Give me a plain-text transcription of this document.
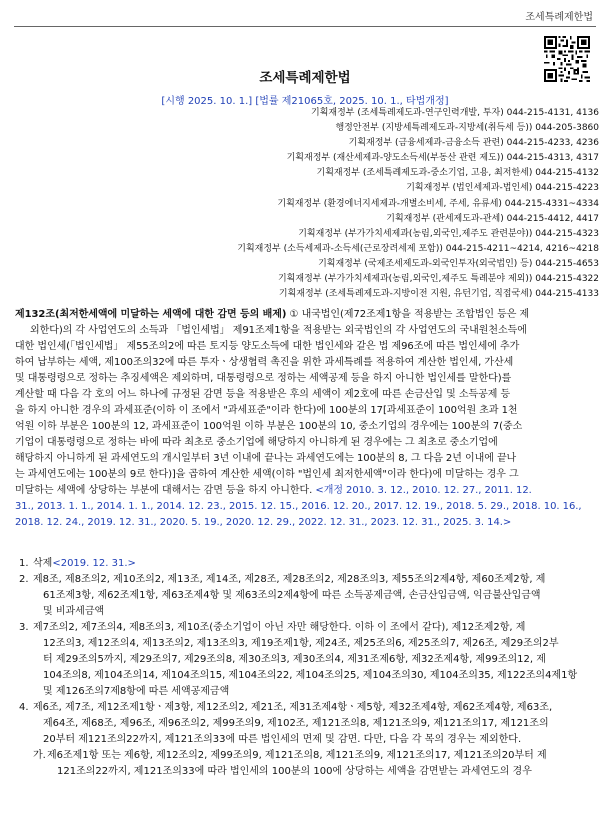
조세특례제한법
조세특례제한법
[시행 2025. 10. 1.] [법률 제21065호, 2025. 10. 1., 타법개정]
기획재정부 (조세특례제도과-연구인력개발, 투자) 044-215-4131, 4136
행정안전부 (지방세특례제도과-지방세(취득세 등)) 044-205-3860
기획재정부 (금융세제과-금융소득 관련) 044-215-4233, 4236
기획재정부 (재산세제과-양도소득세(부동산 관련 제도)) 044-215-4313, 4317
기획재정부 (조세특례제도과-중소기업, 고용, 최저한세) 044-215-4132
기획재정부 (법인세제과-법인세) 044-215-4223
기획재정부 (환경에너지세제과-개별소비세, 주세, 유류세) 044-215-4331~4334
기획재정부 (관세제도과-관세) 044-215-4412, 4417
기획재정부 (부가가치세제과(농림,외국인,제주도 관련분야)) 044-215-4323
기획재정부 (소득세제과-소득세(근로장려세제 포함)) 044-215-4211~4214, 4216~4218
기획재정부 (국제조세제도과-외국인투자(외국법인) 등) 044-215-4653
기획재정부 (부가가치세제과(농림,외국인,제주도 특례분야 제외)) 044-215-4322
기획재정부 (조세특례제도과-지방이전 지원, 유턴기업, 직접국세) 044-215-4133
제132조(최저한세액에 미달하는 세액에 대한 감면 등의 배제) ① 내국법인(제72조제1항을 적용받는 조합법인 등은 제
외한다)의 각 사업연도의 소득과 「법인세법」 제91조제1항을 적용받는 외국법인의 각 사업연도의 국내원천소득에
대한 법인세(「법인세법」 제55조의2에 따른 토지등 양도소득에 대한 법인세와 같은 법 제96조에 따른 법인세에 추가
하여 납부하는 세액, 제100조의32에 따른 투자ㆍ상생협력 촉진을 위한 과세특례를 적용하여 계산한 법인세, 가산세
및 대통령령으로 정하는 추징세액은 제외하며, 대통령령으로 정하는 세액공제 등을 하지 아니한 법인세를 말한다)를
계산할 때 다음 각 호의 어느 하나에 규정된 감면 등을 적용받은 후의 세액이 제2호에 따른 손금산입 및 소득공제 등
을 하지 아니한 경우의 과세표준(이하 이 조에서 "과세표준"이라 한다)에 100분의 17[과세표준이 100억원 초과 1천
억원 이하 부분은 100분의 12, 과세표준이 100억원 이하 부분은 100분의 10, 중소기업의 경우에는 100분의 7(중소
기업이 대통령령으로 정하는 바에 따라 최초로 중소기업에 해당하지 아니하게 된 경우에는 그 최초로 중소기업에
해당하지 아니하게 된 과세연도의 개시일부터 3년 이내에 끝나는 과세연도에는 100분의 8, 그 다음 2년 이내에 끝나
는 과세연도에는 100분의 9로 한다)]을 곱하여 계산한 세액(이하 "법인세 최저한세액"이라 한다)에 미달하는 경우 그
미달하는 세액에 상당하는 부분에 대해서는 감면 등을 하지 아니한다. <개정 2010. 3. 12., 2010. 12. 27., 2011. 12.
31., 2013. 1. 1., 2014. 1. 1., 2014. 12. 23., 2015. 12. 15., 2016. 12. 20., 2017. 12. 19., 2018. 5. 29., 2018. 10. 16.,
2018. 12. 24., 2019. 12. 31., 2020. 5. 19., 2020. 12. 29., 2022. 12. 31., 2023. 12. 31., 2025. 3. 14.>
1. 삭제<2019. 12. 31.>
2. 제8조, 제8조의2, 제10조의2, 제13조, 제14조, 제28조, 제28조의2, 제28조의3, 제55조의2제4항, 제60조제2항, 제
61조제3항, 제62조제1항, 제63조제4항 및 제63조의2제4항에 따른 소득공제금액, 손금산입금액, 익금불산입금액
및 비과세금액
3. 제7조의2, 제7조의4, 제8조의3, 제10조(중소기업이 아닌 자만 해당한다. 이하 이 조에서 같다), 제12조제2항, 제
12조의3, 제12조의4, 제13조의2, 제13조의3, 제19조제1항, 제24조, 제25조의6, 제25조의7, 제26조, 제29조의2부
터 제29조의5까지, 제29조의7, 제29조의8, 제30조의3, 제30조의4, 제31조제6항, 제32조제4항, 제99조의12, 제
104조의8, 제104조의14, 제104조의15, 제104조의22, 제104조의25, 제104조의30, 제104조의35, 제122조의4제1항
및 제126조의7제8항에 따른 세액공제금액
4. 제6조, 제7조, 제12조제1항ㆍ제3항, 제12조의2, 제21조, 제31조제4항ㆍ제5항, 제32조제4항, 제62조제4항, 제63조,
제64조, 제68조, 제96조, 제96조의2, 제99조의9, 제102조, 제121조의8, 제121조의9, 제121조의17, 제121조의
20부터 제121조의22까지, 제121조의33에 따른 법인세의 면제 및 감면. 다만, 다음 각 목의 경우는 제외한다.
가. 제6조제1항 또는 제6항, 제12조의2, 제99조의9, 제121조의8, 제121조의9, 제121조의17, 제121조의20부터 제
121조의22까지, 제121조의33에 따라 법인세의 100분의 100에 상당하는 세액을 감면받는 과세연도의 경우
